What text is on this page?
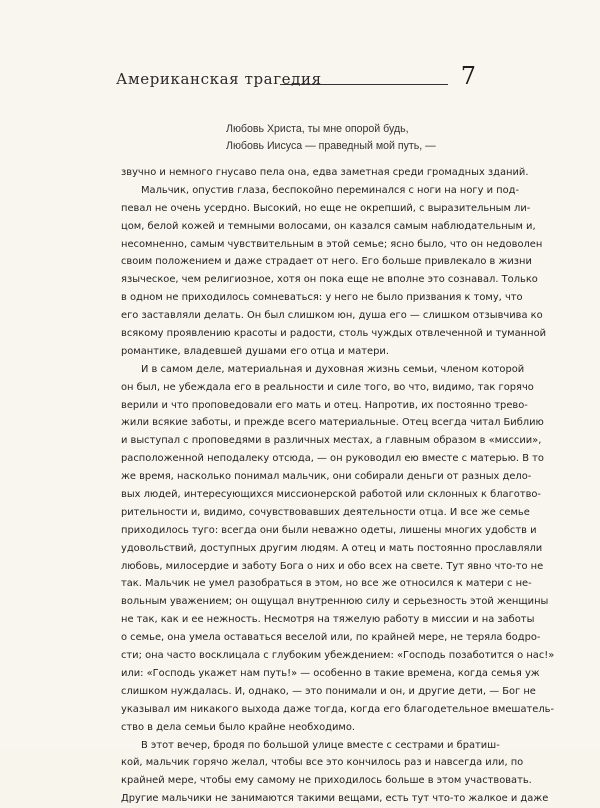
Американская трагедия	7
Любовь Христа, ты мне опорой будь,
Любовь Иисуса — праведный мой путь, —
звучно и немного гнусаво пела она, едва заметная среди громадных зданий.
Мальчик, опустив глаза, беспокойно переминался с ноги на ногу и под-
певал не очень усердно. Высокий, но еще не окрепший, с выразительным ли-
цом, белой кожей и темными волосами, он казался самым наблюдательным и,
несомненно, самым чувствительным в этой семье; ясно было, что он недоволен
своим положением и даже страдает от него. Его больше привлекало в жизни
языческое, чем религиозное, хотя он пока еще не вполне это сознавал. Только
в одном не приходилось сомневаться: у него не было призвания к тому, что
его заставляли делать. Он был слишком юн, душа его — слишком отзывчива ко
всякому проявлению красоты и радости, столь чуждых отвлеченной и туманной
романтике, владевшей душами его отца и матери.
И в самом деле, материальная и духовная жизнь семьи, членом которой
он был, не убеждала его в реальности и силе того, во что, видимо, так горячо
верили и что проповедовали его мать и отец. Напротив, их постоянно трево-
жили всякие заботы, и прежде всего материальные. Отец всегда читал Библию
и выступал с проповедями в различных местах, а главным образом в «миссии»,
расположенной неподалеку отсюда, — он руководил ею вместе с матерью. В то
же время, насколько понимал мальчик, они собирали деньги от разных дело-
вых людей, интересующихся миссионерской работой или склонных к благотво-
рительности и, видимо, сочувствовавших деятельности отца. И все же семье
приходилось туго: всегда они были неважно одеты, лишены многих удобств и
удовольствий, доступных другим людям. А отец и мать постоянно прославляли
любовь, милосердие и заботу Бога о них и обо всех на свете. Тут явно что-то не
так. Мальчик не умел разобраться в этом, но все же относился к матери с не-
вольным уважением; он ощущал внутреннюю силу и серьезность этой женщины
не так, как и ее нежность. Несмотря на тяжелую работу в миссии и на заботы
о семье, она умела оставаться веселой или, по крайней мере, не теряла бодро-
сти; она часто восклицала с глубоким убеждением: «Господь позаботится о нас!»
или: «Господь укажет нам путь!» — особенно в такие времена, когда семья уж
слишком нуждалась. И, однако, — это понимали и он, и другие дети, — Бог не
указывал им никакого выхода даже тогда, когда его благодетельное вмешатель-
ство в дела семьи было крайне необходимо.
В этот вечер, бродя по большой улице вместе с сестрами и братиш-
кой, мальчик горячо желал, чтобы все это кончилось раз и навсегда или, по
крайней мере, чтобы ему самому не приходилось больше в этом участвовать.
Другие мальчики не занимаются такими вещами, есть тут что-то жалкое и даже
